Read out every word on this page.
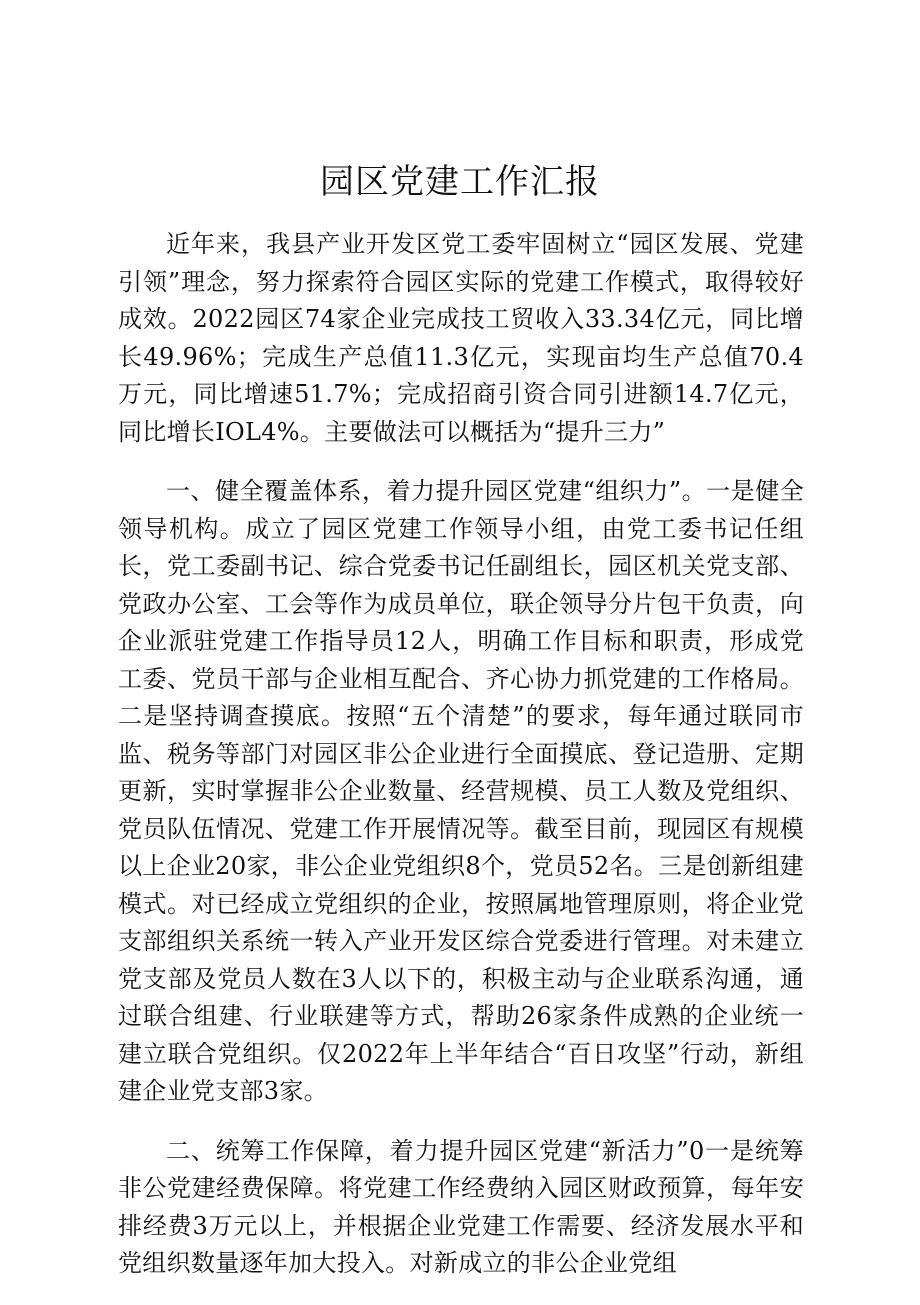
园区党建工作汇报

近年来，我县产业开发区党工委牢固树立“园区发展、党建引领”理念，努力探索符合园区实际的党建工作模式，取得较好成效。2022园区74家企业完成技工贸收入33.34亿元，同比增长49.96%；完成生产总值11.3亿元，实现亩均生产总值70.4万元，同比增速51.7%；完成招商引资合同引进额14.7亿元，同比增长IOL4%。主要做法可以概括为“提升三力”

一、健全覆盖体系，着力提升园区党建“组织力”。一是健全领导机构。成立了园区党建工作领导小组，由党工委书记任组长，党工委副书记、综合党委书记任副组长，园区机关党支部、党政办公室、工会等作为成员单位，联企领导分片包干负责，向企业派驻党建工作指导员12人，明确工作目标和职责，形成党工委、党员干部与企业相互配合、齐心协力抓党建的工作格局。二是坚持调查摸底。按照“五个清楚”的要求，每年通过联同市监、税务等部门对园区非公企业进行全面摸底、登记造册、定期更新，实时掌握非公企业数量、经营规模、员工人数及党组织、党员队伍情况、党建工作开展情况等。截至目前，现园区有规模以上企业20家，非公企业党组织8个，党员52名。三是创新组建模式。对已经成立党组织的企业，按照属地管理原则，将企业党支部组织关系统一转入产业开发区综合党委进行管理。对未建立党支部及党员人数在3人以下的，积极主动与企业联系沟通，通过联合组建、行业联建等方式，帮助26家条件成熟的企业统一建立联合党组织。仅2022年上半年结合“百日攻坚”行动，新组建企业党支部3家。

二、统筹工作保障，着力提升园区党建“新活力”0一是统筹非公党建经费保障。将党建工作经费纳入园区财政预算，每年安排经费3万元以上，并根据企业党建工作需要、经济发展水平和党组织数量逐年加大投入。对新成立的非公企业党组
